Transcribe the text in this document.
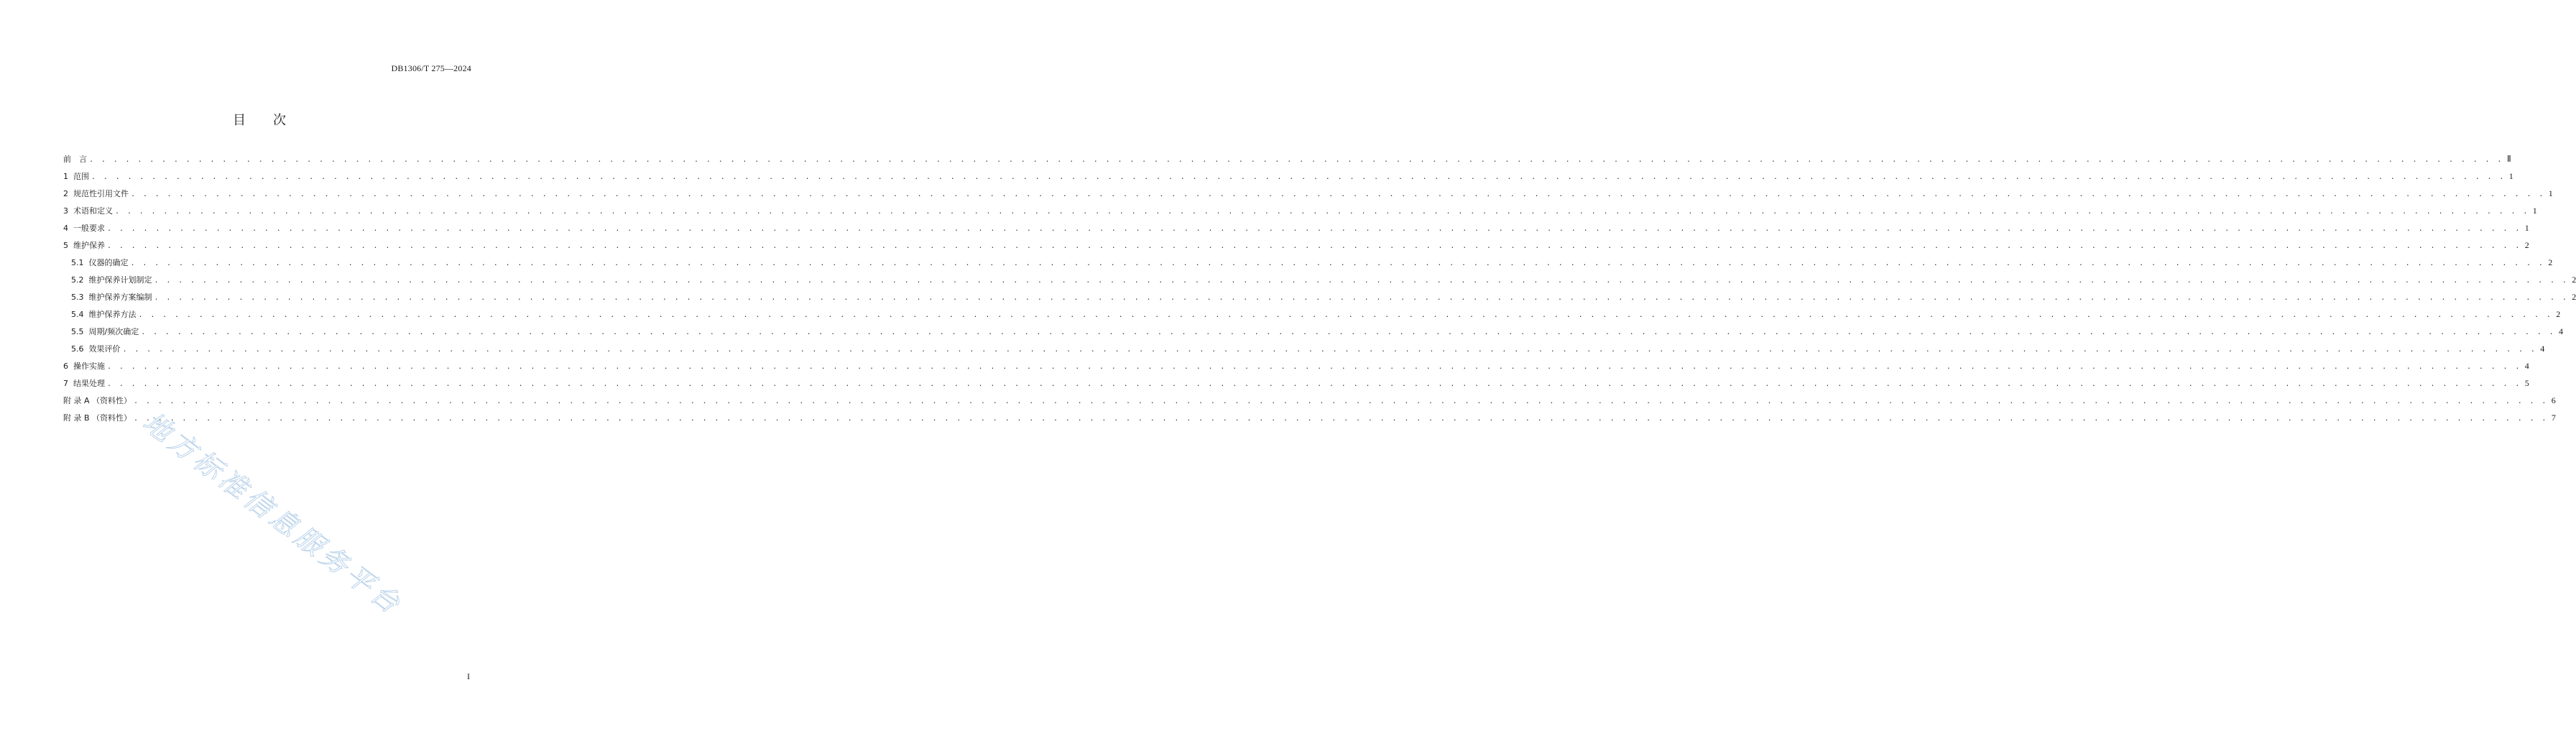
DB1306/T 275—2024
目 次
前　言 . . . . . . . . . . . . . . . . . . . . . . . . . . . . . . . . . . . . . . . . . . . . . . . . . . . . . . . . . . . . . . . . . . . . . . . . . . . . . . . . . . . . . . . . . . . . . . . . . . . . . . . . . . . . . . . . . . . . . . . . . . . . . . . . . . . . . . . . . . . . . . . . . . . . . . . . . . . . . . . . . . . . . . . . . . . . . . . . . . . . . . . . . . . . . . . . . . . . . . . . Ⅱ
1  范围 . . . . . . . . . . . . . . . . . . . . . . . . . . . . . . . . . . . . . . . . . . . . . . . . . . . . . . . . . . . . . . . . . . . . . . . . . . . . . . . . . . . . . . . . . . . . . . . . . . . . . . . . . . . . . . . . . . . . . . . . . . . . . . . . . . . . . . . . . . . . . . . . . . . . . . . . . . . . . . . . . . . . . . . . . . . . . . . . . . . . . . . . . . . . . . . . . . . . . . . . 1
2  规范性引用文件 . . . . . . . . . . . . . . . . . . . . . . . . . . . . . . . . . . . . . . . . . . . . . . . . . . . . . . . . . . . . . . . . . . . . . . . . . . . . . . . . . . . . . . . . . . . . . . . . . . . . . . . . . . . . . . . . . . . . . . . . . . . . . . . . . . . . . . . . . . . . . . . . . . . . . . . . . . . . . . . . . . . . . . . . . . . . . . . . . . . . . . . . . . . . . . . . . . . . . . . . 1
3  术语和定义 . . . . . . . . . . . . . . . . . . . . . . . . . . . . . . . . . . . . . . . . . . . . . . . . . . . . . . . . . . . . . . . . . . . . . . . . . . . . . . . . . . . . . . . . . . . . . . . . . . . . . . . . . . . . . . . . . . . . . . . . . . . . . . . . . . . . . . . . . . . . . . . . . . . . . . . . . . . . . . . . . . . . . . . . . . . . . . . . . . . . . . . . . . . . . . . . . . . . . . . . 1
4  一般要求 . . . . . . . . . . . . . . . . . . . . . . . . . . . . . . . . . . . . . . . . . . . . . . . . . . . . . . . . . . . . . . . . . . . . . . . . . . . . . . . . . . . . . . . . . . . . . . . . . . . . . . . . . . . . . . . . . . . . . . . . . . . . . . . . . . . . . . . . . . . . . . . . . . . . . . . . . . . . . . . . . . . . . . . . . . . . . . . . . . . . . . . . . . . . . . . . . . . . . . . . 1
5  维护保养 . . . . . . . . . . . . . . . . . . . . . . . . . . . . . . . . . . . . . . . . . . . . . . . . . . . . . . . . . . . . . . . . . . . . . . . . . . . . . . . . . . . . . . . . . . . . . . . . . . . . . . . . . . . . . . . . . . . . . . . . . . . . . . . . . . . . . . . . . . . . . . . . . . . . . . . . . . . . . . . . . . . . . . . . . . . . . . . . . . . . . . . . . . . . . . . . . . . . . . . . 2
5.1  仪器的确定 . . . . . . . . . . . . . . . . . . . . . . . . . . . . . . . . . . . . . . . . . . . . . . . . . . . . . . . . . . . . . . . . . . . . . . . . . . . . . . . . . . . . . . . . . . . . . . . . . . . . . . . . . . . . . . . . . . . . . . . . . . . . . . . . . . . . . . . . . . . . . . . . . . . . . . . . . . . . . . . . . . . . . . . . . . . . . . . . . . . . . . . . . . . . . . . . . . . . . . . . 2
5.2  维护保养计划制定 . . . . . . . . . . . . . . . . . . . . . . . . . . . . . . . . . . . . . . . . . . . . . . . . . . . . . . . . . . . . . . . . . . . . . . . . . . . . . . . . . . . . . . . . . . . . . . . . . . . . . . . . . . . . . . . . . . . . . . . . . . . . . . . . . . . . . . . . . . . . . . . . . . . . . . . . . . . . . . . . . . . . . . . . . . . . . . . . . . . . . . . . . . . . . . . . . . . . . . . . 2
5.3  维护保养方案编制 . . . . . . . . . . . . . . . . . . . . . . . . . . . . . . . . . . . . . . . . . . . . . . . . . . . . . . . . . . . . . . . . . . . . . . . . . . . . . . . . . . . . . . . . . . . . . . . . . . . . . . . . . . . . . . . . . . . . . . . . . . . . . . . . . . . . . . . . . . . . . . . . . . . . . . . . . . . . . . . . . . . . . . . . . . . . . . . . . . . . . . . . . . . . . . . . . . . . . . . . 2
5.4  维护保养方法 . . . . . . . . . . . . . . . . . . . . . . . . . . . . . . . . . . . . . . . . . . . . . . . . . . . . . . . . . . . . . . . . . . . . . . . . . . . . . . . . . . . . . . . . . . . . . . . . . . . . . . . . . . . . . . . . . . . . . . . . . . . . . . . . . . . . . . . . . . . . . . . . . . . . . . . . . . . . . . . . . . . . . . . . . . . . . . . . . . . . . . . . . . . . . . . . . . . . . . . . 2
5.5  周期/频次确定 . . . . . . . . . . . . . . . . . . . . . . . . . . . . . . . . . . . . . . . . . . . . . . . . . . . . . . . . . . . . . . . . . . . . . . . . . . . . . . . . . . . . . . . . . . . . . . . . . . . . . . . . . . . . . . . . . . . . . . . . . . . . . . . . . . . . . . . . . . . . . . . . . . . . . . . . . . . . . . . . . . . . . . . . . . . . . . . . . . . . . . . . . . . . . . . . . . . . . . . . 4
5.6  效果评价 . . . . . . . . . . . . . . . . . . . . . . . . . . . . . . . . . . . . . . . . . . . . . . . . . . . . . . . . . . . . . . . . . . . . . . . . . . . . . . . . . . . . . . . . . . . . . . . . . . . . . . . . . . . . . . . . . . . . . . . . . . . . . . . . . . . . . . . . . . . . . . . . . . . . . . . . . . . . . . . . . . . . . . . . . . . . . . . . . . . . . . . . . . . . . . . . . . . . . . . . 4
6  操作实施 . . . . . . . . . . . . . . . . . . . . . . . . . . . . . . . . . . . . . . . . . . . . . . . . . . . . . . . . . . . . . . . . . . . . . . . . . . . . . . . . . . . . . . . . . . . . . . . . . . . . . . . . . . . . . . . . . . . . . . . . . . . . . . . . . . . . . . . . . . . . . . . . . . . . . . . . . . . . . . . . . . . . . . . . . . . . . . . . . . . . . . . . . . . . . . . . . . . . . . . . 4
7  结果处理 . . . . . . . . . . . . . . . . . . . . . . . . . . . . . . . . . . . . . . . . . . . . . . . . . . . . . . . . . . . . . . . . . . . . . . . . . . . . . . . . . . . . . . . . . . . . . . . . . . . . . . . . . . . . . . . . . . . . . . . . . . . . . . . . . . . . . . . . . . . . . . . . . . . . . . . . . . . . . . . . . . . . . . . . . . . . . . . . . . . . . . . . . . . . . . . . . . . . . . . . 5
附 录 A （资料性） . . . . . . . . . . . . . . . . . . . . . . . . . . . . . . . . . . . . . . . . . . . . . . . . . . . . . . . . . . . . . . . . . . . . . . . . . . . . . . . . . . . . . . . . . . . . . . . . . . . . . . . . . . . . . . . . . . . . . . . . . . . . . . . . . . . . . . . . . . . . . . . . . . . . . . . . . . . . . . . . . . . . . . . . . . . . . . . . . . . . . . . . . . . . . . . . . . . . . . . . 6
附 录 B （资料性） . . . . . . . . . . . . . . . . . . . . . . . . . . . . . . . . . . . . . . . . . . . . . . . . . . . . . . . . . . . . . . . . . . . . . . . . . . . . . . . . . . . . . . . . . . . . . . . . . . . . . . . . . . . . . . . . . . . . . . . . . . . . . . . . . . . . . . . . . . . . . . . . . . . . . . . . . . . . . . . . . . . . . . . . . . . . . . . . . . . . . . . . . . . . . . . . . . . . . . . . 7
地方标准信息服务平台
I
